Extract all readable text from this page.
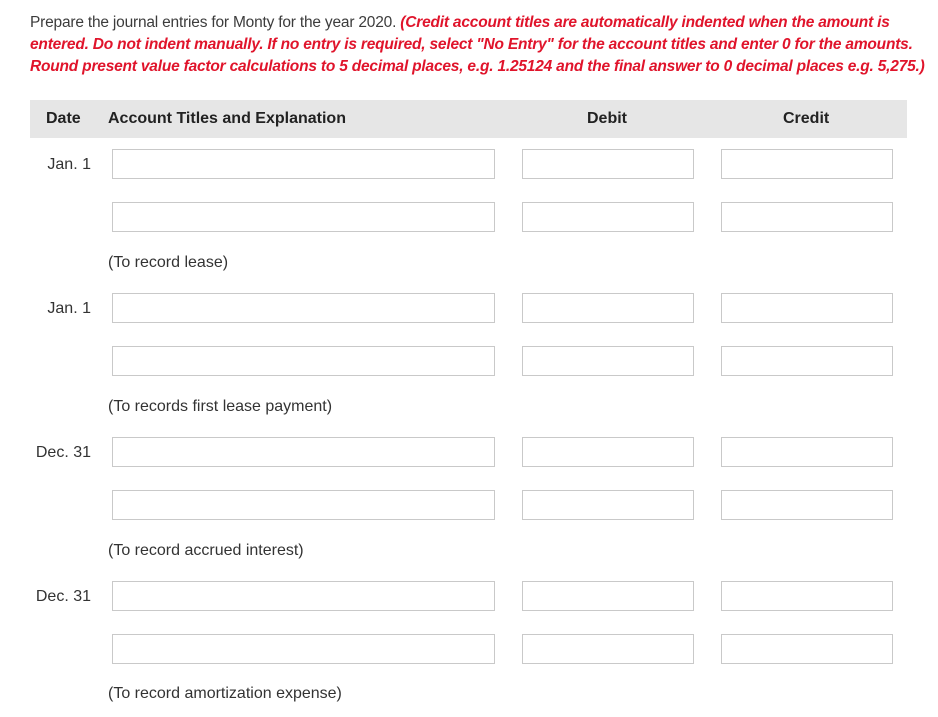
Prepare the journal entries for Monty for the year 2020. (Credit account titles are automatically indented when the amount is entered. Do not indent manually. If no entry is required, select "No Entry" for the account titles and enter 0 for the amounts. Round present value factor calculations to 5 decimal places, e.g. 1.25124 and the final answer to 0 decimal places e.g. 5,275.)
Date Account Titles and Explanation	Debit	Credit
Jan. 1
(To record lease)
Jan. 1
(To records first lease payment)
Dec. 31
(To record accrued interest)
Dec. 31
(To record amortization expense)
